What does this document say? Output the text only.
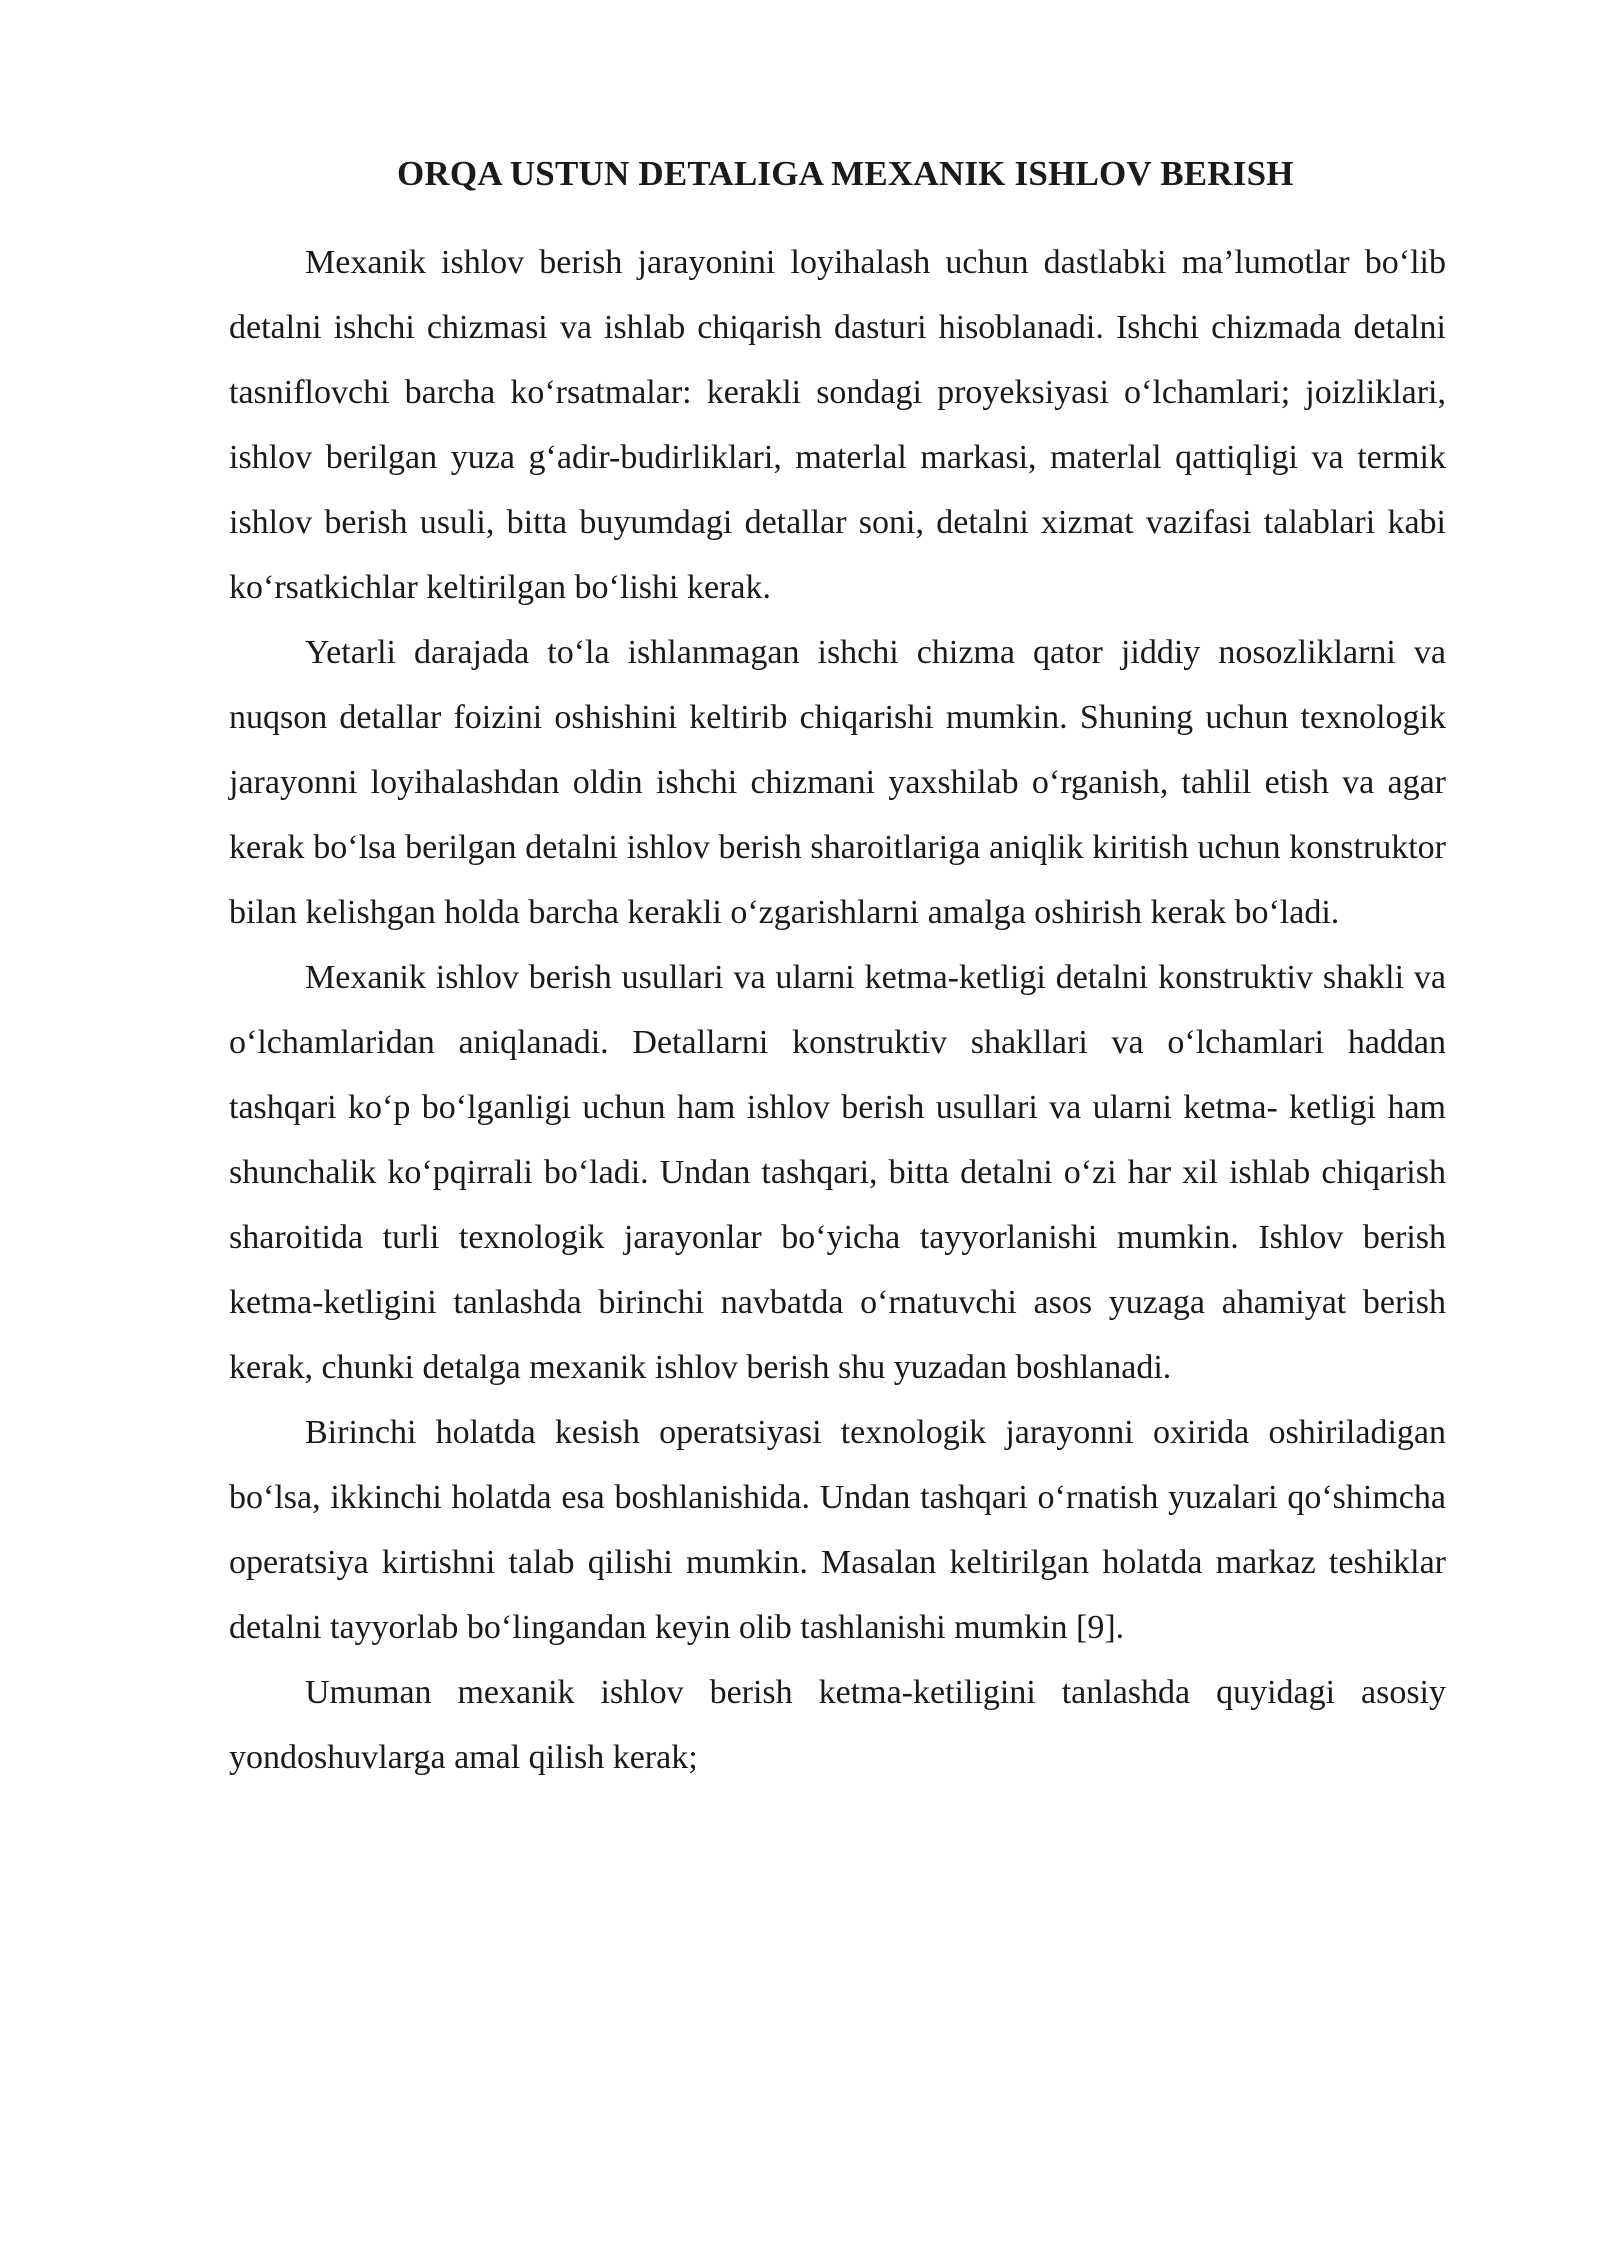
ORQA USTUN DETALIGA MEXANIK ISHLOV BERISH

Mexanik ishlov berish jarayonini loyihalash uchun dastlabki ma’lumotlar bo‘lib detalni ishchi chizmasi va ishlab chiqarish dasturi hisoblanadi. Ishchi chizmada detalni tasniflovchi barcha ko‘rsatmalar: kerakli sondagi proyeksiyasi o‘lchamlari; joizliklari, ishlov berilgan yuza g‘adir-budirliklari, materlal markasi, materlal qattiqligi va termik ishlov berish usuli, bitta buyumdagi detallar soni, detalni xizmat vazifasi talablari kabi ko‘rsatkichlar keltirilgan bo‘lishi kerak.

Yetarli darajada to‘la ishlanmagan ishchi chizma qator jiddiy nosozliklarni va nuqson detallar foizini oshishini keltirib chiqarishi mumkin. Shuning uchun texnologik jarayonni loyihalashdan oldin ishchi chizmani yaxshilab o‘rganish, tahlil etish va agar kerak bo‘lsa berilgan detalni ishlov berish sharoitlariga aniqlik kiritish uchun konstruktor bilan kelishgan holda barcha kerakli o‘zgarishlarni amalga oshirish kerak bo‘ladi.

Mexanik ishlov berish usullari va ularni ketma-ketligi detalni konstruktiv shakli va o‘lchamlaridan aniqlanadi. Detallarni konstruktiv shakllari va o‘lchamlari haddan tashqari ko‘p bo‘lganligi uchun ham ishlov berish usullari va ularni ketma- ketligi ham shunchalik ko‘pqirrali bo‘ladi. Undan tashqari, bitta detalni o‘zi har xil ishlab chiqarish sharoitida turli texnologik jarayonlar bo‘yicha tayyorlanishi mumkin. Ishlov berish ketma-ketligini tanlashda birinchi navbatda o‘rnatuvchi asos yuzaga ahamiyat berish kerak, chunki detalga mexanik ishlov berish shu yuzadan boshlanadi.

Birinchi holatda kesish operatsiyasi texnologik jarayonni oxirida oshiriladigan bo‘lsa, ikkinchi holatda esa boshlanishida. Undan tashqari o‘rnatish yuzalari qo‘shimcha operatsiya kirtishni talab qilishi mumkin. Masalan keltirilgan holatda markaz teshiklar detalni tayyorlab bo‘lingandan keyin olib tashlanishi mumkin [9].

Umuman mexanik ishlov berish ketma-ketiligini tanlashda quyidagi asosiy yondoshuvlarga amal qilish kerak;
